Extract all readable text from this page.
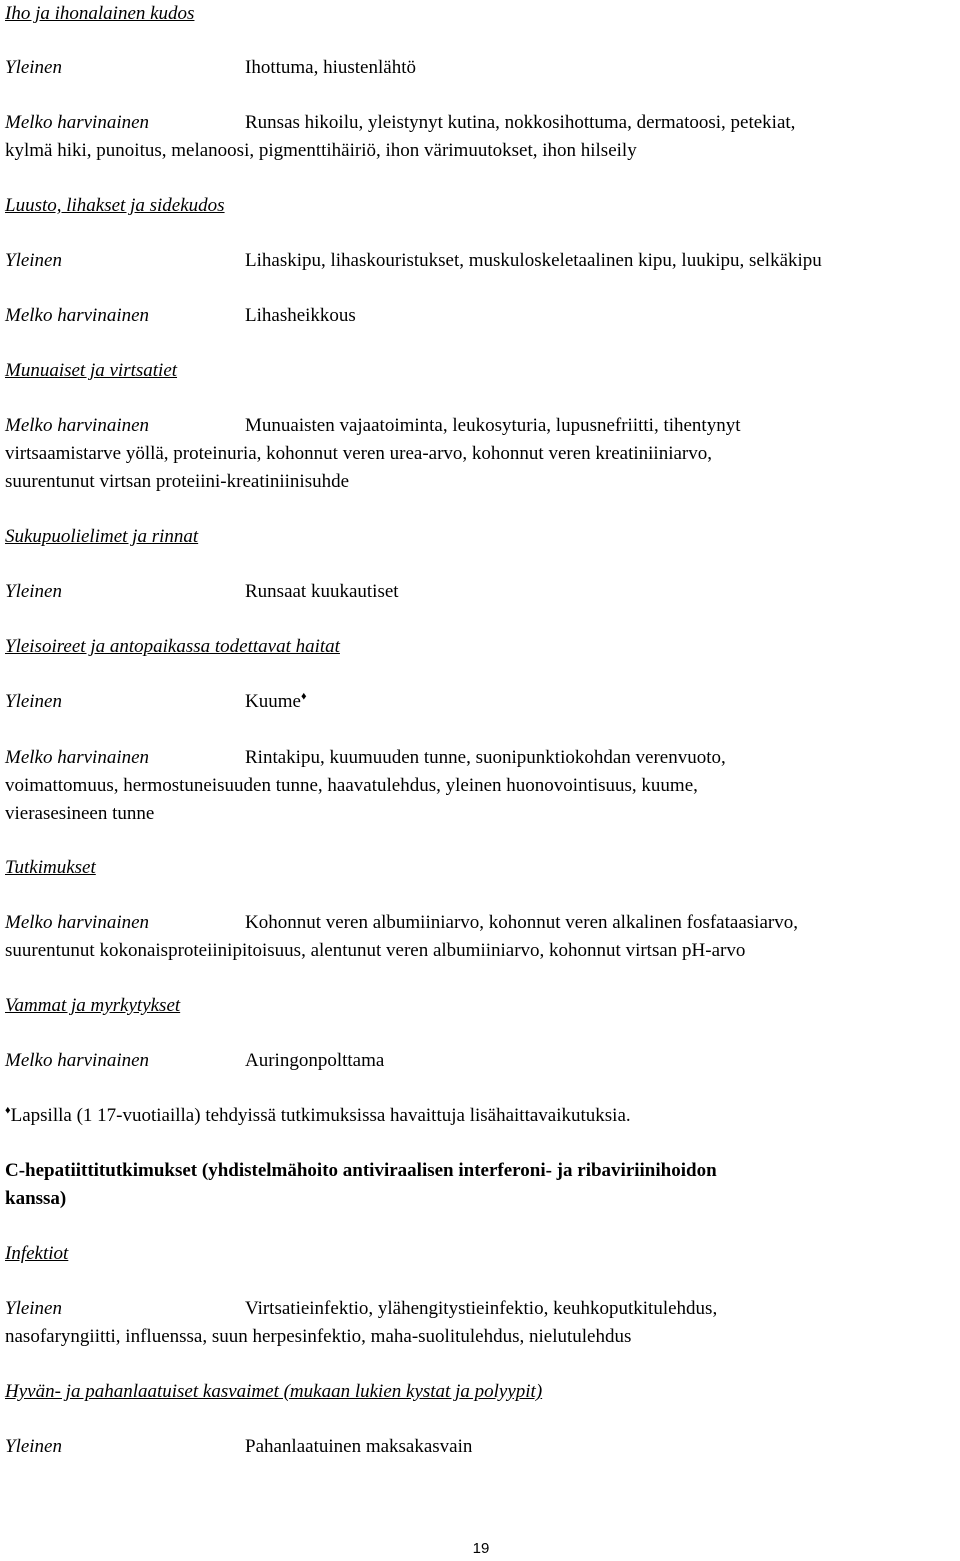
Iho ja ihonalainen kudos
Yleinen	Ihottuma, hiustenlähtö
Melko harvinainen	Runsas hikoilu, yleistynyt kutina, nokkosihottuma, dermatoosi, petekiat,
kylmä hiki, punoitus, melanoosi, pigmenttihäiriö, ihon värimuutokset, ihon hilseily
Luusto, lihakset ja sidekudos
Yleinen	Lihaskipu, lihaskouristukset, muskuloskeletaalinen kipu, luukipu, selkäkipu
Melko harvinainen	Lihasheikkous
Munuaiset ja virtsatiet
Melko harvinainen	Munuaisten vajaatoiminta, leukosyturia, lupusnefriitti, tihentynyt
virtsaamistarve yöllä, proteinuria, kohonnut veren urea-arvo, kohonnut veren kreatiniiniarvo,
suurentunut virtsan proteiini-kreatiniinisuhde
Sukupuolielimet ja rinnat
Yleinen	Runsaat kuukautiset
Yleisoireet ja antopaikassa todettavat haitat
Yleinen	Kuume♦
Melko harvinainen	Rintakipu, kuumuuden tunne, suonipunktiokohdan verenvuoto,
voimattomuus, hermostuneisuuden tunne, haavatulehdus, yleinen huonovointisuus, kuume,
vierasesineen tunne
Tutkimukset
Melko harvinainen	Kohonnut veren albumiiniarvo, kohonnut veren alkalinen fosfataasiarvo,
suurentunut kokonaisproteiinipitoisuus, alentunut veren albumiiniarvo, kohonnut virtsan pH-arvo
Vammat ja myrkytykset
Melko harvinainen	Auringonpolttama
♦Lapsilla (1 17-vuotiailla) tehdyissä tutkimuksissa havaittuja lisähaittavaikutuksia.
C-hepatiittitutkimukset (yhdistelmähoito antiviraalisen interferoni- ja ribaviriinihoidon
kanssa)
Infektiot
Yleinen	Virtsatieinfektio, ylähengitystieinfektio, keuhkoputkitulehdus,
nasofaryngiitti, influenssa, suun herpesinfektio, maha-suolitulehdus, nielutulehdus
Hyvän- ja pahanlaatuiset kasvaimet (mukaan lukien kystat ja polyypit)
Yleinen	Pahanlaatuinen maksakasvain
19
